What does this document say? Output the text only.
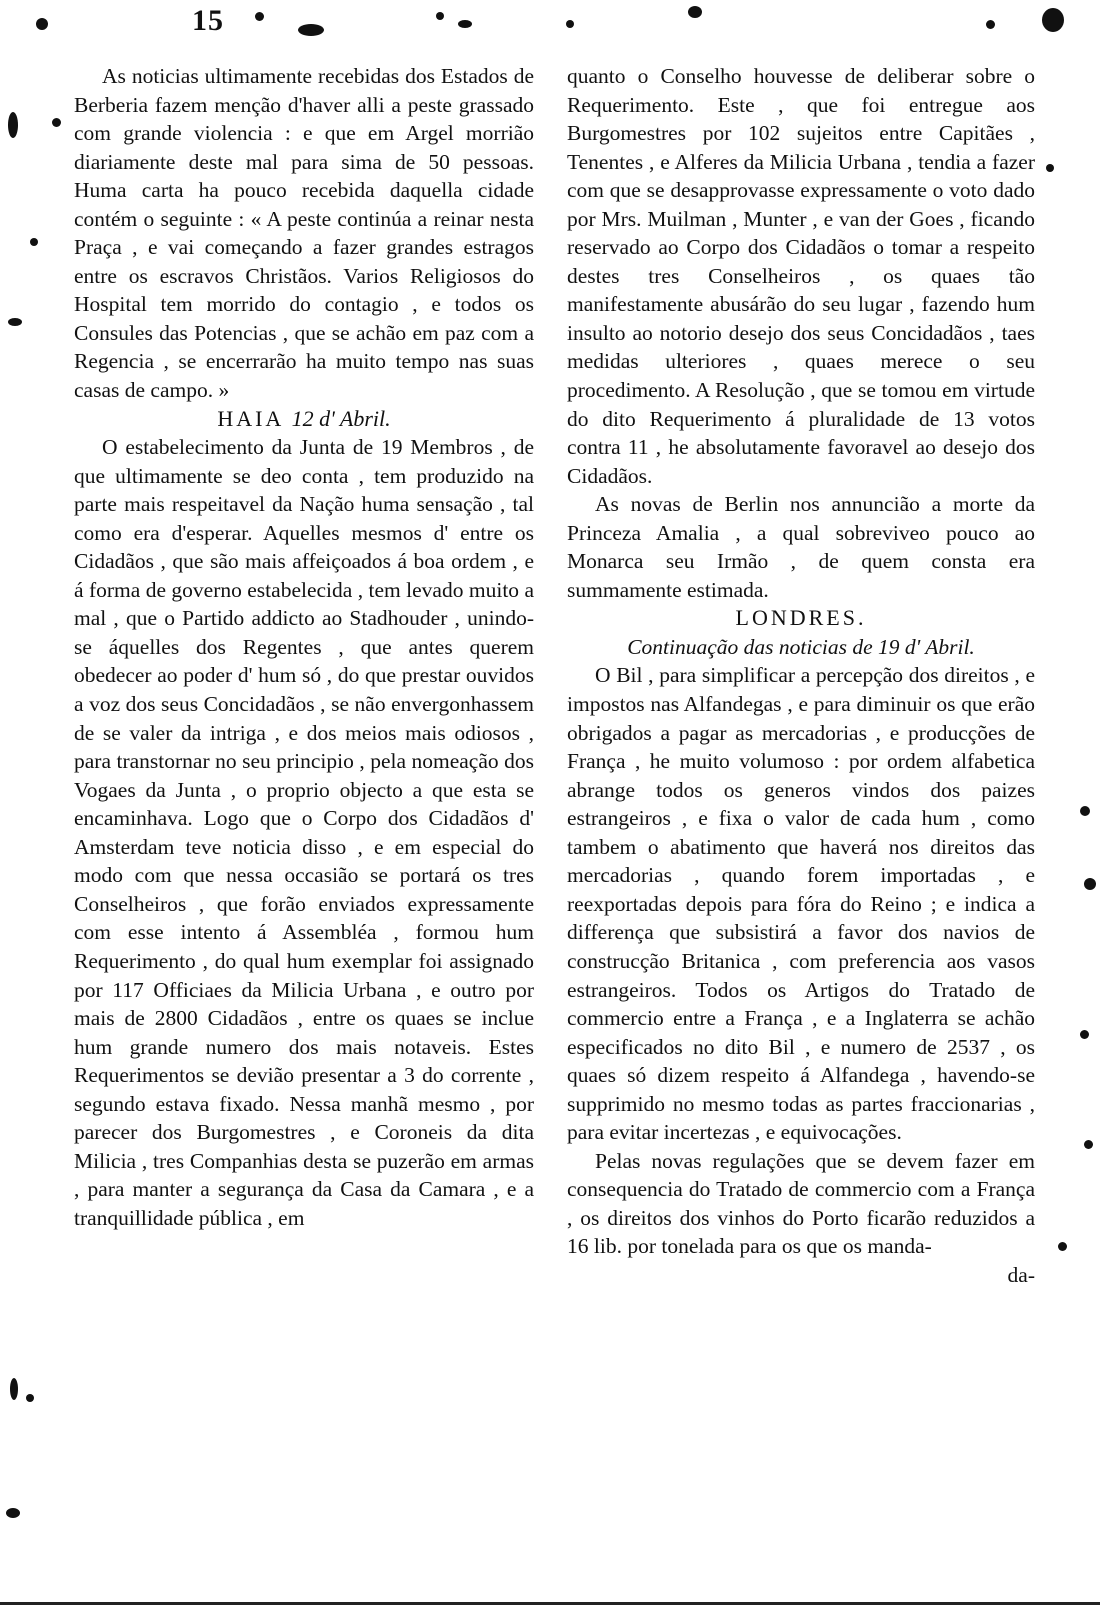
15

As noticias ultimamente recebidas dos Estados de Berberia fazem menção d'haver alli a peste grassado com grande violencia : e que em Argel morrião diariamente deste mal para sima de 50 pessoas. Huma carta ha pouco recebida daquella cidade contém o seguinte : « A peste continúa a reinar nesta Praça , e vai começando a fazer grandes estragos entre os escravos Christãos. Varios Religiosos do Hospital tem morrido do contagio , e todos os Consules das Potencias , que se achão em paz com a Regencia , se encerrarão ha muito tempo nas suas casas de campo. »

HAIA 12 d' Abril.

O estabelecimento da Junta de 19 Membros , de que ultimamente se deo conta , tem produzido na parte mais respeitavel da Nação huma sensação , tal como era d'esperar. Aquelles mesmos d' entre os Cidadãos , que são mais affeiçoados á boa ordem , e á forma de governo estabelecida , tem levado muito a mal , que o Partido addicto ao Stadhouder , unindo-se áquelles dos Regentes , que antes querem obedecer ao poder d' hum só , do que prestar ouvidos a voz dos seus Concidadãos , se não envergonhassem de se valer da intriga , e dos meios mais odiosos , para transtornar no seu principio , pela nomeação dos Vogaes da Junta , o proprio objecto a que esta se encaminhava. Logo que o Corpo dos Cidadãos d' Amsterdam teve noticia disso , e em especial do modo com que nessa occasião se portará os tres Conselheiros , que forão enviados expressamente com esse intento á Assembléa , formou hum Requerimento , do qual hum exemplar foi assignado por 117 Officiaes da Milicia Urbana , e outro por mais de 2800 Cidadãos , entre os quaes se inclue hum grande numero dos mais notaveis. Estes Requerimentos se devião presentar a 3 do corrente , segundo estava fixado. Nessa manhã mesmo , por parecer dos Burgomestres , e Coroneis da dita Milicia , tres Companhias desta se puzerão em armas , para manter a segurança da Casa da Camara , e a tranquillidade pública , em

quanto o Conselho houvesse de deliberar sobre o Requerimento. Este , que foi entregue aos Burgomestres por 102 sujeitos entre Capitães , Tenentes , e Alferes da Milicia Urbana , tendia a fazer com que se desapprovasse expressamente o voto dado por Mrs. Muilman , Munter , e van der Goes , ficando reservado ao Corpo dos Cidadãos o tomar a respeito destes tres Conselheiros , os quaes tão manifestamente abusárão do seu lugar , fazendo hum insulto ao notorio desejo dos seus Concidadãos , taes medidas ulteriores , quaes merece o seu procedimento. A Resolução , que se tomou em virtude do dito Requerimento á pluralidade de 13 votos contra 11 , he absolutamente favoravel ao desejo dos Cidadãos.

As novas de Berlin nos annuncião a morte da Princeza Amalia , a qual sobreviveo pouco ao Monarca seu Irmão , de quem consta era summamente estimada.

LONDRES.

Continuação das noticias de 19 d' Abril.

O Bil , para simplificar a percepção dos direitos , e impostos nas Alfandegas , e para diminuir os que erão obrigados a pagar as mercadorias , e producções de França , he muito volumoso : por ordem alfabetica abrange todos os generos vindos dos paizes estrangeiros , e fixa o valor de cada hum , como tambem o abatimento que haverá nos direitos das mercadorias , quando forem importadas , e reexportadas depois para fóra do Reino ; e indica a differença que subsistirá a favor dos navios de construcção Britanica , com preferencia aos vasos estrangeiros. Todos os Artigos do Tratado de commercio entre a França , e a Inglaterra se achão especificados no dito Bil , e numero de 2537 , os quaes só dizem respeito á Alfandega , havendo-se supprimido no mesmo todas as partes fraccionarias , para evitar incertezas , e equivocações.

Pelas novas regulações que se devem fazer em consequencia do Tratado de commercio com a França , os direitos dos vinhos do Porto ficarão reduzidos a 16 lib. por tonelada para os que os manda-

da-
